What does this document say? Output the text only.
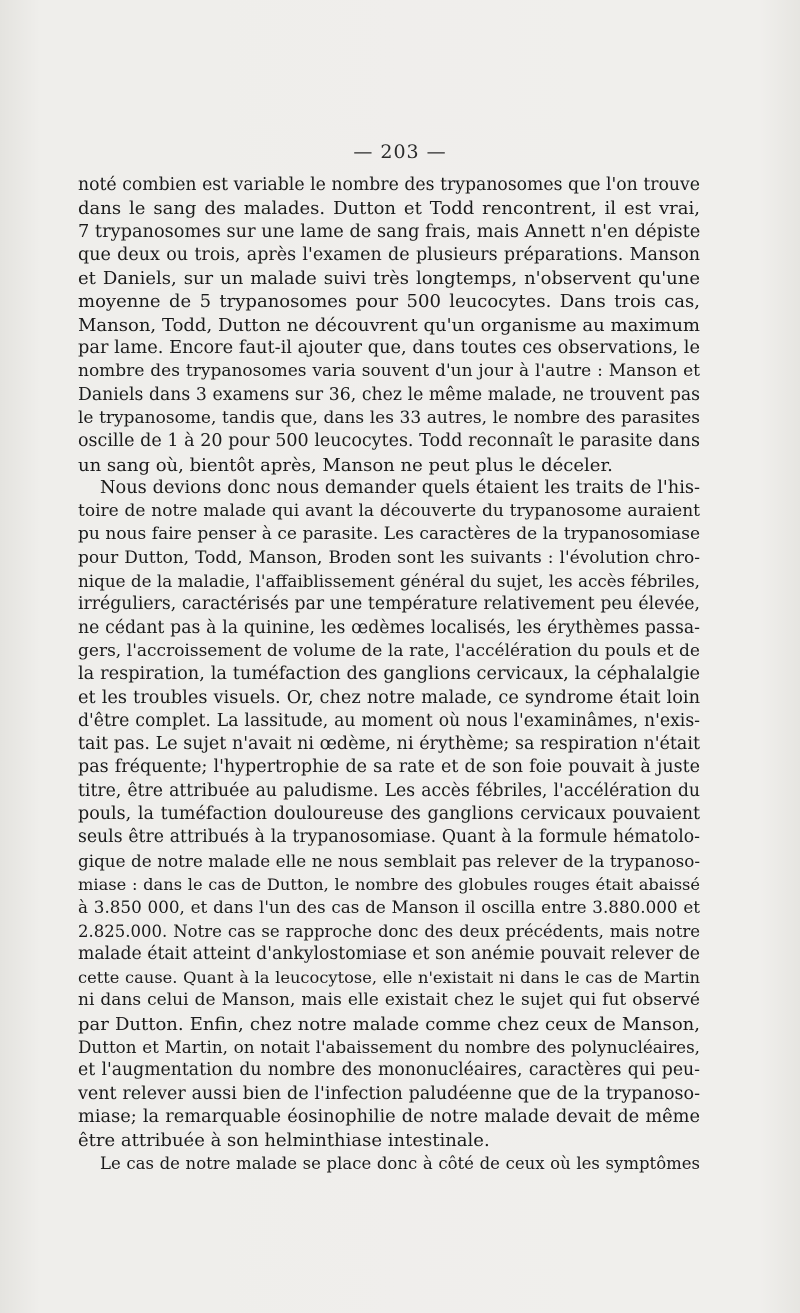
— 203 —
noté combien est variable le nombre des trypanosomes que l'on trouve
dans le sang des malades. Dutton et Todd rencontrent, il est vrai,
7 trypanosomes sur une lame de sang frais, mais Annett n'en dépiste
que deux ou trois, après l'examen de plusieurs préparations. Manson
et Daniels, sur un malade suivi très longtemps, n'observent qu'une
moyenne de 5 trypanosomes pour 500 leucocytes. Dans trois cas,
Manson, Todd, Dutton ne découvrent qu'un organisme au maximum
par lame. Encore faut-il ajouter que, dans toutes ces observations, le
nombre des trypanosomes varia souvent d'un jour à l'autre : Manson et
Daniels dans 3 examens sur 36, chez le même malade, ne trouvent pas
le trypanosome, tandis que, dans les 33 autres, le nombre des parasites
oscille de 1 à 20 pour 500 leucocytes. Todd reconnaît le parasite dans
un sang où, bientôt après, Manson ne peut plus le déceler.
Nous devions donc nous demander quels étaient les traits de l'his-
toire de notre malade qui avant la découverte du trypanosome auraient
pu nous faire penser à ce parasite. Les caractères de la trypanosomiase
pour Dutton, Todd, Manson, Broden sont les suivants : l'évolution chro-
nique de la maladie, l'affaiblissement général du sujet, les accès fébriles,
irréguliers, caractérisés par une température relativement peu élevée,
ne cédant pas à la quinine, les œdèmes localisés, les érythèmes passa-
gers, l'accroissement de volume de la rate, l'accélération du pouls et de
la respiration, la tuméfaction des ganglions cervicaux, la céphalalgie
et les troubles visuels. Or, chez notre malade, ce syndrome était loin
d'être complet. La lassitude, au moment où nous l'examinâmes, n'exis-
tait pas. Le sujet n'avait ni œdème, ni érythème; sa respiration n'était
pas fréquente; l'hypertrophie de sa rate et de son foie pouvait à juste
titre, être attribuée au paludisme. Les accès fébriles, l'accélération du
pouls, la tuméfaction douloureuse des ganglions cervicaux pouvaient
seuls être attribués à la trypanosomiase. Quant à la formule hématolo-
gique de notre malade elle ne nous semblait pas relever de la trypanoso-
miase : dans le cas de Dutton, le nombre des globules rouges était abaissé
à 3.850 000, et dans l'un des cas de Manson il oscilla entre 3.880.000 et
2.825.000. Notre cas se rapproche donc des deux précédents, mais notre
malade était atteint d'ankylostomiase et son anémie pouvait relever de
cette cause. Quant à la leucocytose, elle n'existait ni dans le cas de Martin
ni dans celui de Manson, mais elle existait chez le sujet qui fut observé
par Dutton. Enfin, chez notre malade comme chez ceux de Manson,
Dutton et Martin, on notait l'abaissement du nombre des polynucléaires,
et l'augmentation du nombre des mononucléaires, caractères qui peu-
vent relever aussi bien de l'infection paludéenne que de la trypanoso-
miase; la remarquable éosinophilie de notre malade devait de même
être attribuée à son helminthiase intestinale.
Le cas de notre malade se place donc à côté de ceux où les symptômes
